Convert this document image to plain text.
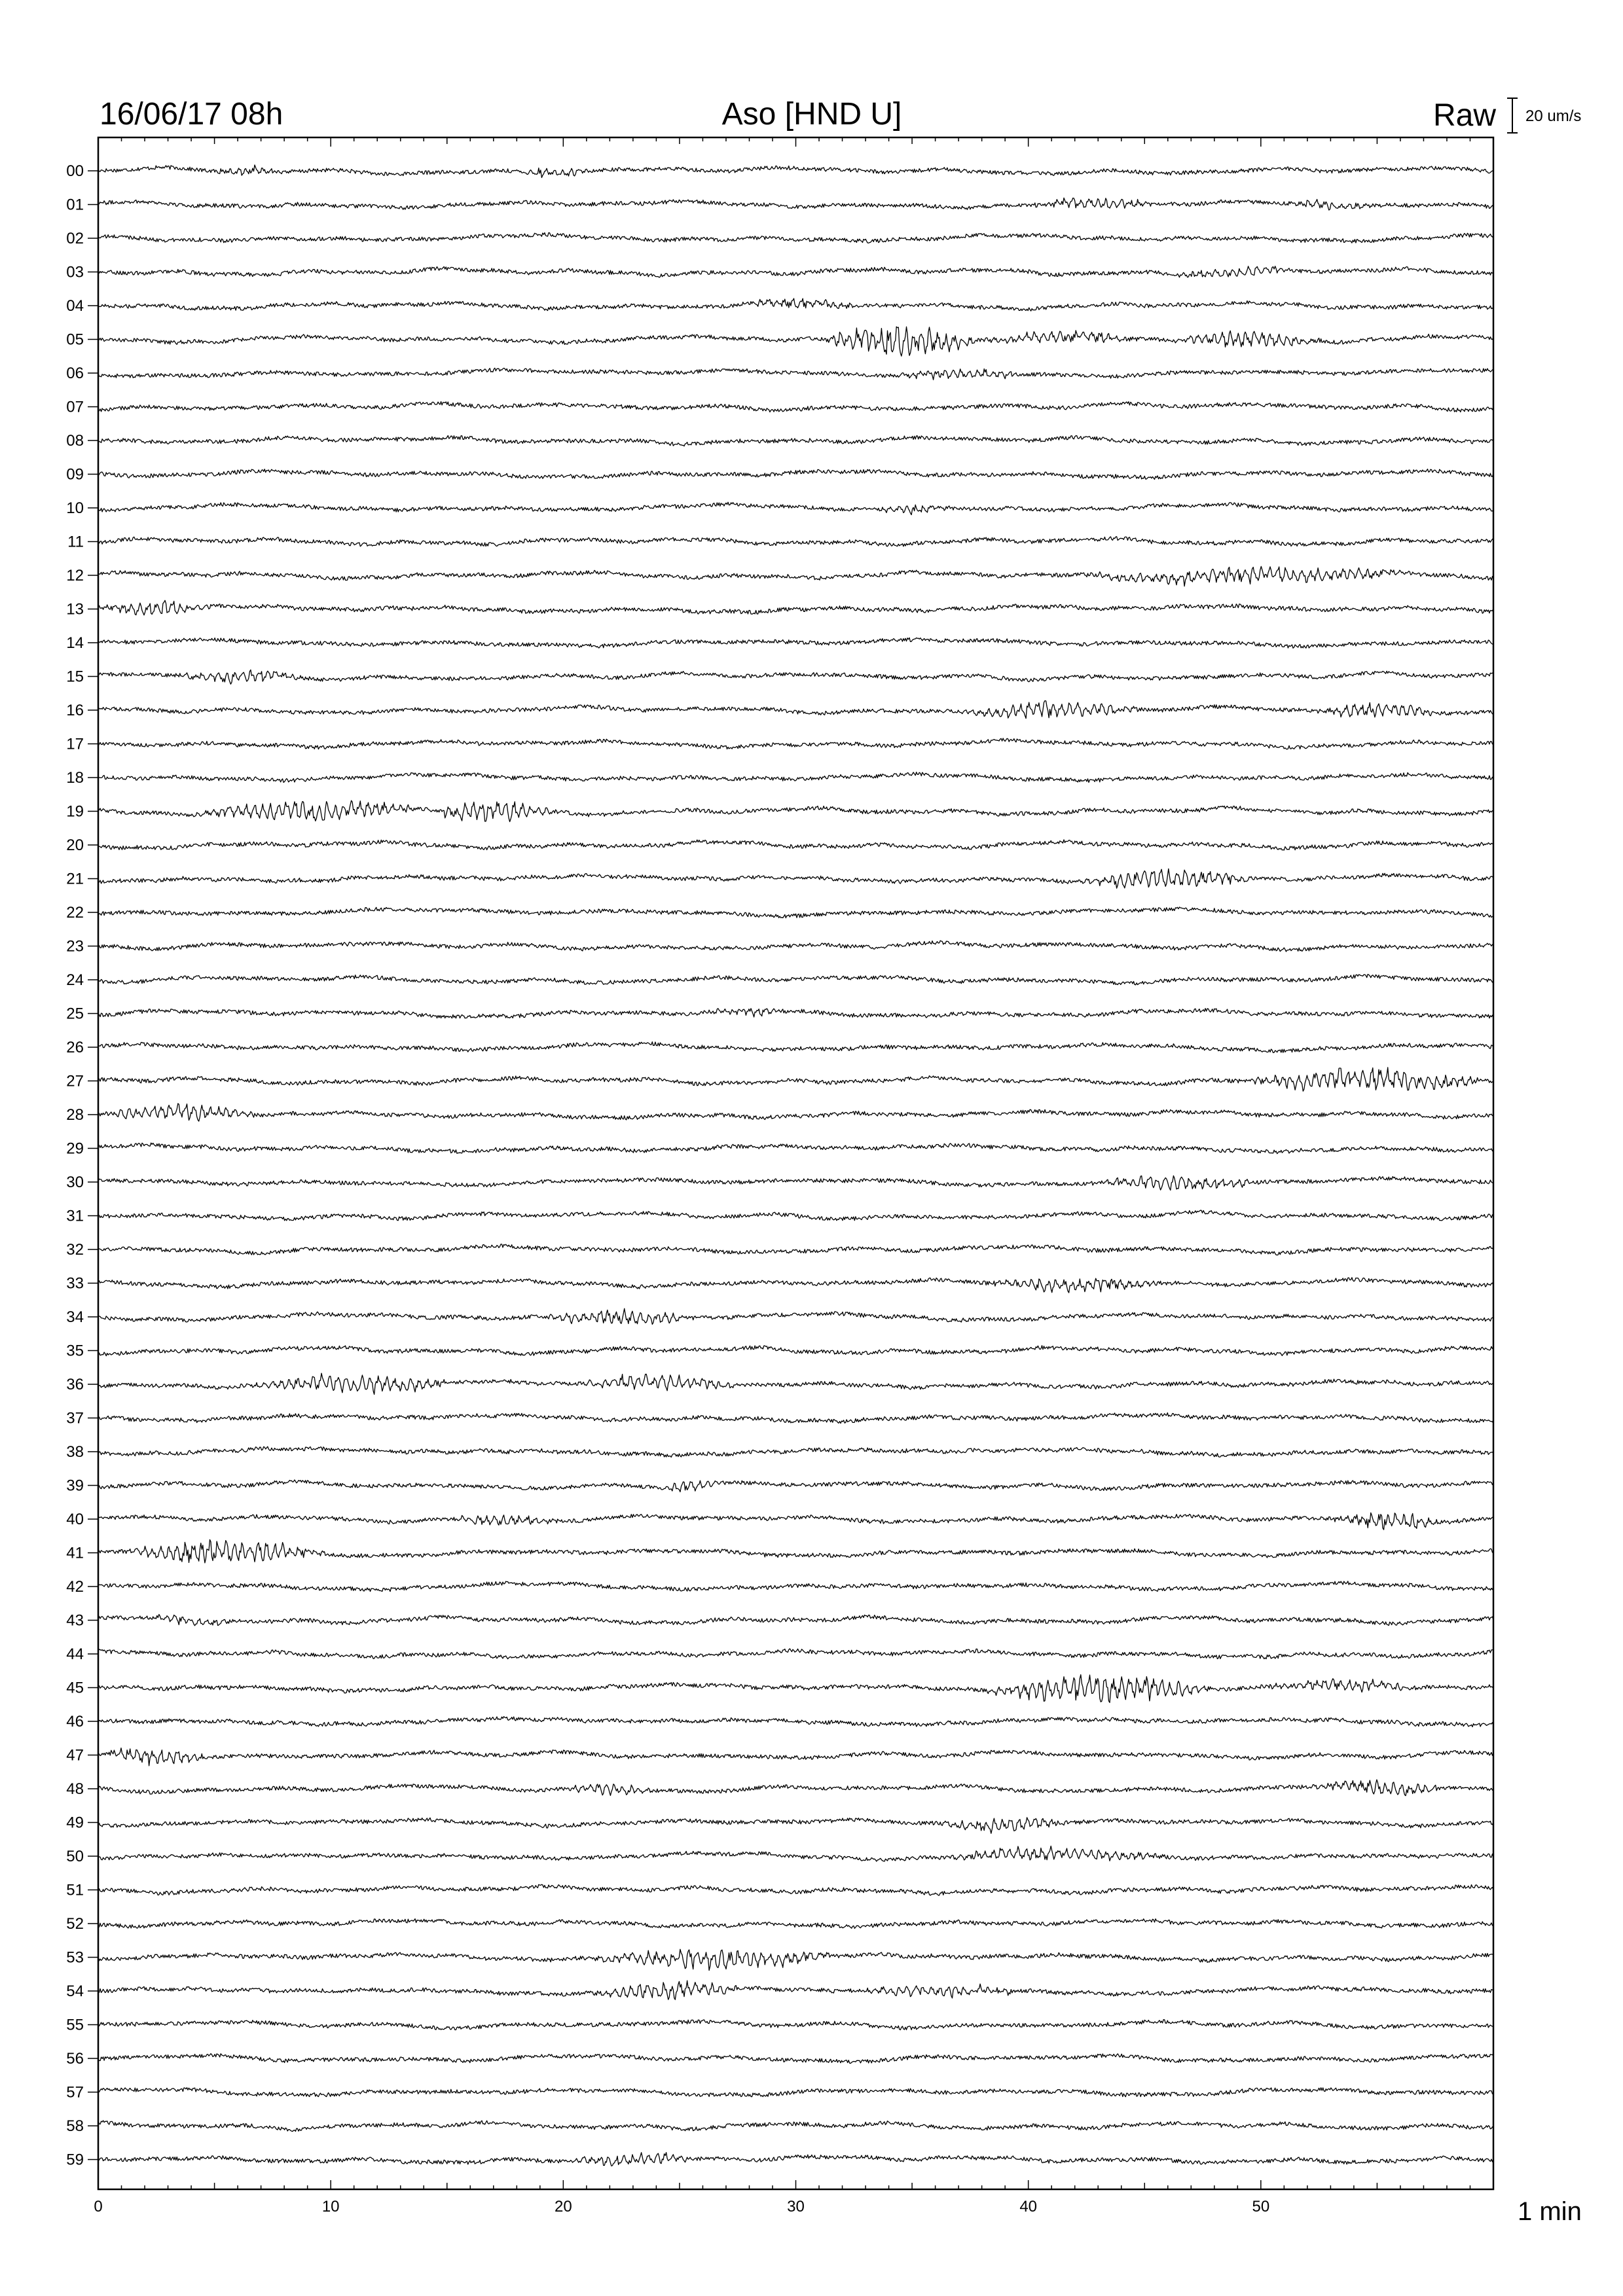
16/06/17 08h	Aso [HND U]	Raw 20 um/s
00
01
02
03
04
05
06
07
08
09
10
11
12
13
14
15
16
17
18
19
20
21
22
23
24
25
26
27
28
29
30
31
32
33
34
35
36
37
38
39
40
41
42
43
44
45
46
47
48
49
50
51
52
53
54
55
56
57
58
59
0	10	20	30	40	50	1 min
